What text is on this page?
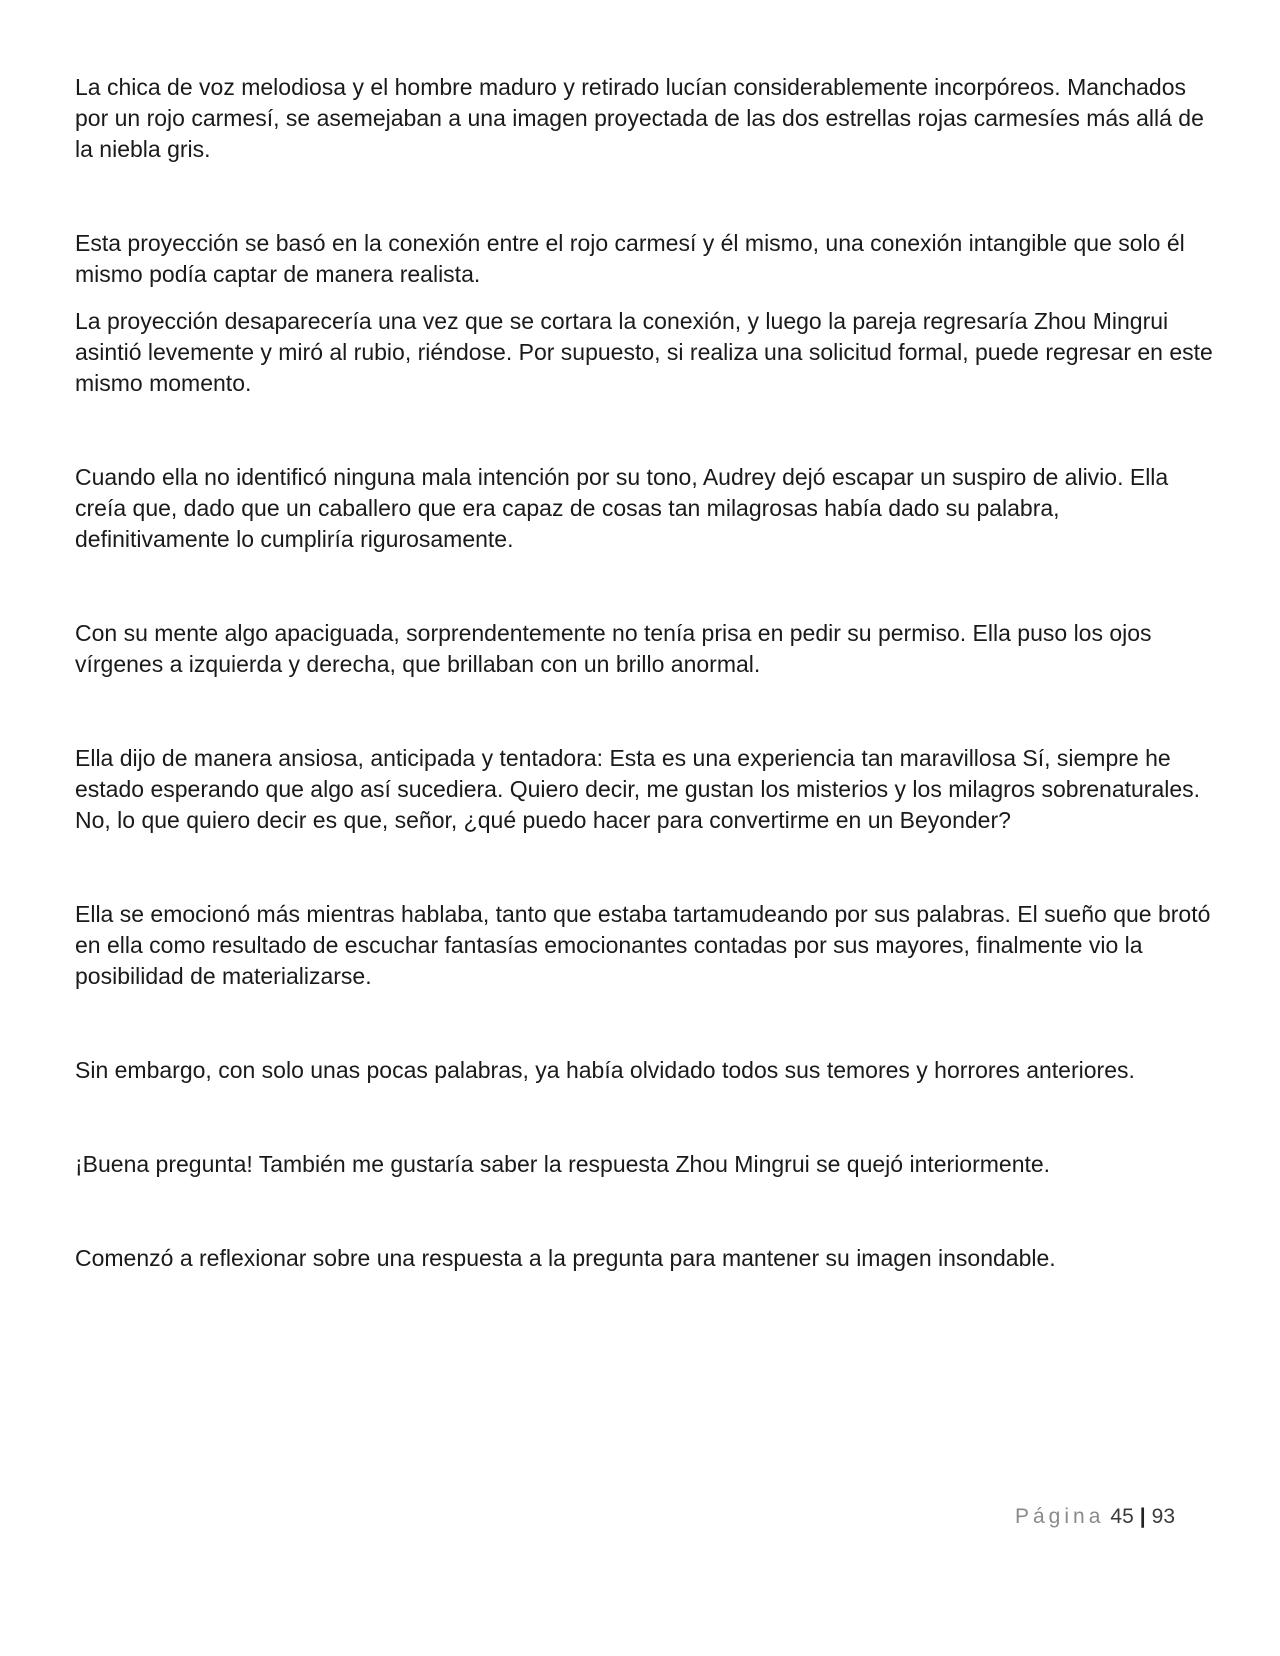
La chica de voz melodiosa y el hombre maduro y retirado lucían considerablemente incorpóreos. Manchados por un rojo carmesí, se asemejaban a una imagen proyectada de las dos estrellas rojas carmesíes más allá de la niebla gris.

Esta proyección se basó en la conexión entre el rojo carmesí y él mismo, una conexión intangible que solo él mismo podía captar de manera realista.

La proyección desaparecería una vez que se cortara la conexión, y luego la pareja regresaría Zhou Mingrui asintió levemente y miró al rubio, riéndose. Por supuesto, si realiza una solicitud formal, puede regresar en este mismo momento.

Cuando ella no identificó ninguna mala intención por su tono, Audrey dejó escapar un suspiro de alivio. Ella creía que, dado que un caballero que era capaz de cosas tan milagrosas había dado su palabra, definitivamente lo cumpliría rigurosamente.

Con su mente algo apaciguada, sorprendentemente no tenía prisa en pedir su permiso. Ella puso los ojos vírgenes a izquierda y derecha, que brillaban con un brillo anormal.

Ella dijo de manera ansiosa, anticipada y tentadora: Esta es una experiencia tan maravillosa Sí, siempre he estado esperando que algo así sucediera. Quiero decir, me gustan los misterios y los milagros sobrenaturales. No, lo que quiero decir es que, señor, ¿qué puedo hacer para convertirme en un Beyonder?

Ella se emocionó más mientras hablaba, tanto que estaba tartamudeando por sus palabras. El sueño que brotó en ella como resultado de escuchar fantasías emocionantes contadas por sus mayores, finalmente vio la posibilidad de materializarse.

Sin embargo, con solo unas pocas palabras, ya había olvidado todos sus temores y horrores anteriores.

¡Buena pregunta! También me gustaría saber la respuesta Zhou Mingrui se quejó interiormente.

Comenzó a reflexionar sobre una respuesta a la pregunta para mantener su imagen insondable.

Página 45 | 93
